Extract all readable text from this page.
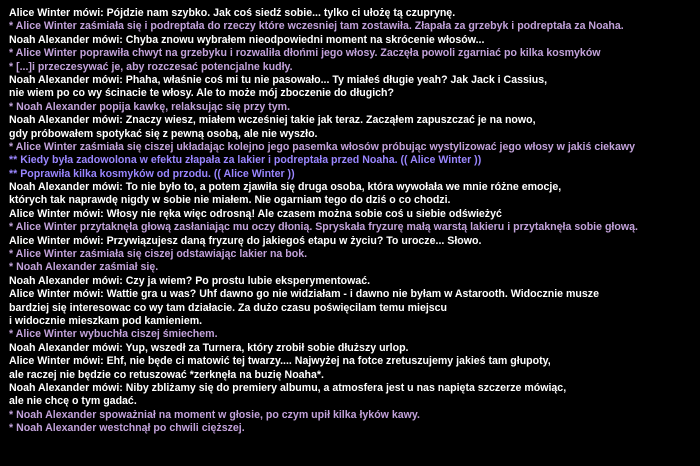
Alice Winter mówi: Pójdzie nam szybko. Jak coś siedź sobie... tylko ci ułożę tą czuprynę.
* Alice Winter zaśmiała się i podreptała do rzeczy które wczesniej tam zostawiła. Złapała za grzebyk i podreptała za Noaha.
Noah Alexander mówi: Chyba znowu wybrałem nieodpowiedni moment na skrócenie włosów...
* Alice Winter poprawiła chwyt na grzebyku i rozwaliła dłońmi jego włosy. Zaczęła powoli zgarniać po kilka kosmyków
* [...]i przeczesywać je, aby rozczesać potencjalne kudły.
Noah Alexander mówi: Phaha, właśnie coś mi tu nie pasowało... Ty miałeś długie yeah? Jak Jack i Cassius,
nie wiem po co wy ścinacie te włosy. Ale to może mój zboczenie do długich?
* Noah Alexander popija kawkę, relaksując się przy tym.
Noah Alexander mówi: Znaczy wiesz, miałem wcześniej takie jak teraz. Zacząłem zapuszczać je na nowo,
gdy próbowałem spotykać się z pewną osobą, ale nie wyszło.
* Alice Winter zaśmiała się ciszej układając kolejno jego pasemka włosów próbując wystylizować jego włosy w jakiś ciekawy
** Kiedy była zadowolona w efektu złapała za lakier i podreptała przed Noaha. (( Alice Winter ))
** Poprawiła kilka kosmyków od przodu. (( Alice Winter ))
Noah Alexander mówi: To nie było to, a potem zjawiła się druga osoba, która wywołała we mnie różne emocje,
których tak naprawdę nigdy w sobie nie miałem. Nie ogarniam tego do dziś o co chodzi.
Alice Winter mówi: Włosy nie ręka więc odrosną! Ale czasem można sobie coś u siebie odświeżyć
* Alice Winter przytaknęła głową zasłaniając mu oczy dłonią. Spryskała fryzurę małą warstą lakieru i przytaknęła sobie głową.
Alice Winter mówi: Przywiązujesz daną fryzurę do jakiegoś etapu w życiu? To urocze... Słowo.
* Alice Winter zaśmiała się ciszej odstawiając lakier na bok.
* Noah Alexander zaśmiał się.
Noah Alexander mówi: Czy ja wiem? Po prostu lubie eksperymentować.
Alice Winter mówi: Wattie gra u was? Uhf dawno go nie widziałam - i dawno nie byłam w Astarooth. Widocznie musze
bardziej się interesowac co wy tam działacie. Za dużo czasu poświęcilam temu miejscu
i widocznie mieszkam pod kamieniem.
* Alice Winter wybuchła ciszej śmiechem.
Noah Alexander mówi: Yup, wszedł za Turnera, który zrobił sobie dłuższy urlop.
Alice Winter mówi: Ehf, nie będe ci matowić tej twarzy.... Najwyżej na fotce zretuszujemy jakieś tam głupoty,
ale raczej nie będzie co retuszować *zerknęła na buzię Noaha*.
Noah Alexander mówi: Niby zbliżamy się do premiery albumu, a atmosfera jest u nas napięta szczerze mówiąc,
ale nie chcę o tym gadać.
* Noah Alexander spoważniał na moment w głosie, po czym upił kilka łyków kawy.
* Noah Alexander westchnął po chwili cięższej.
